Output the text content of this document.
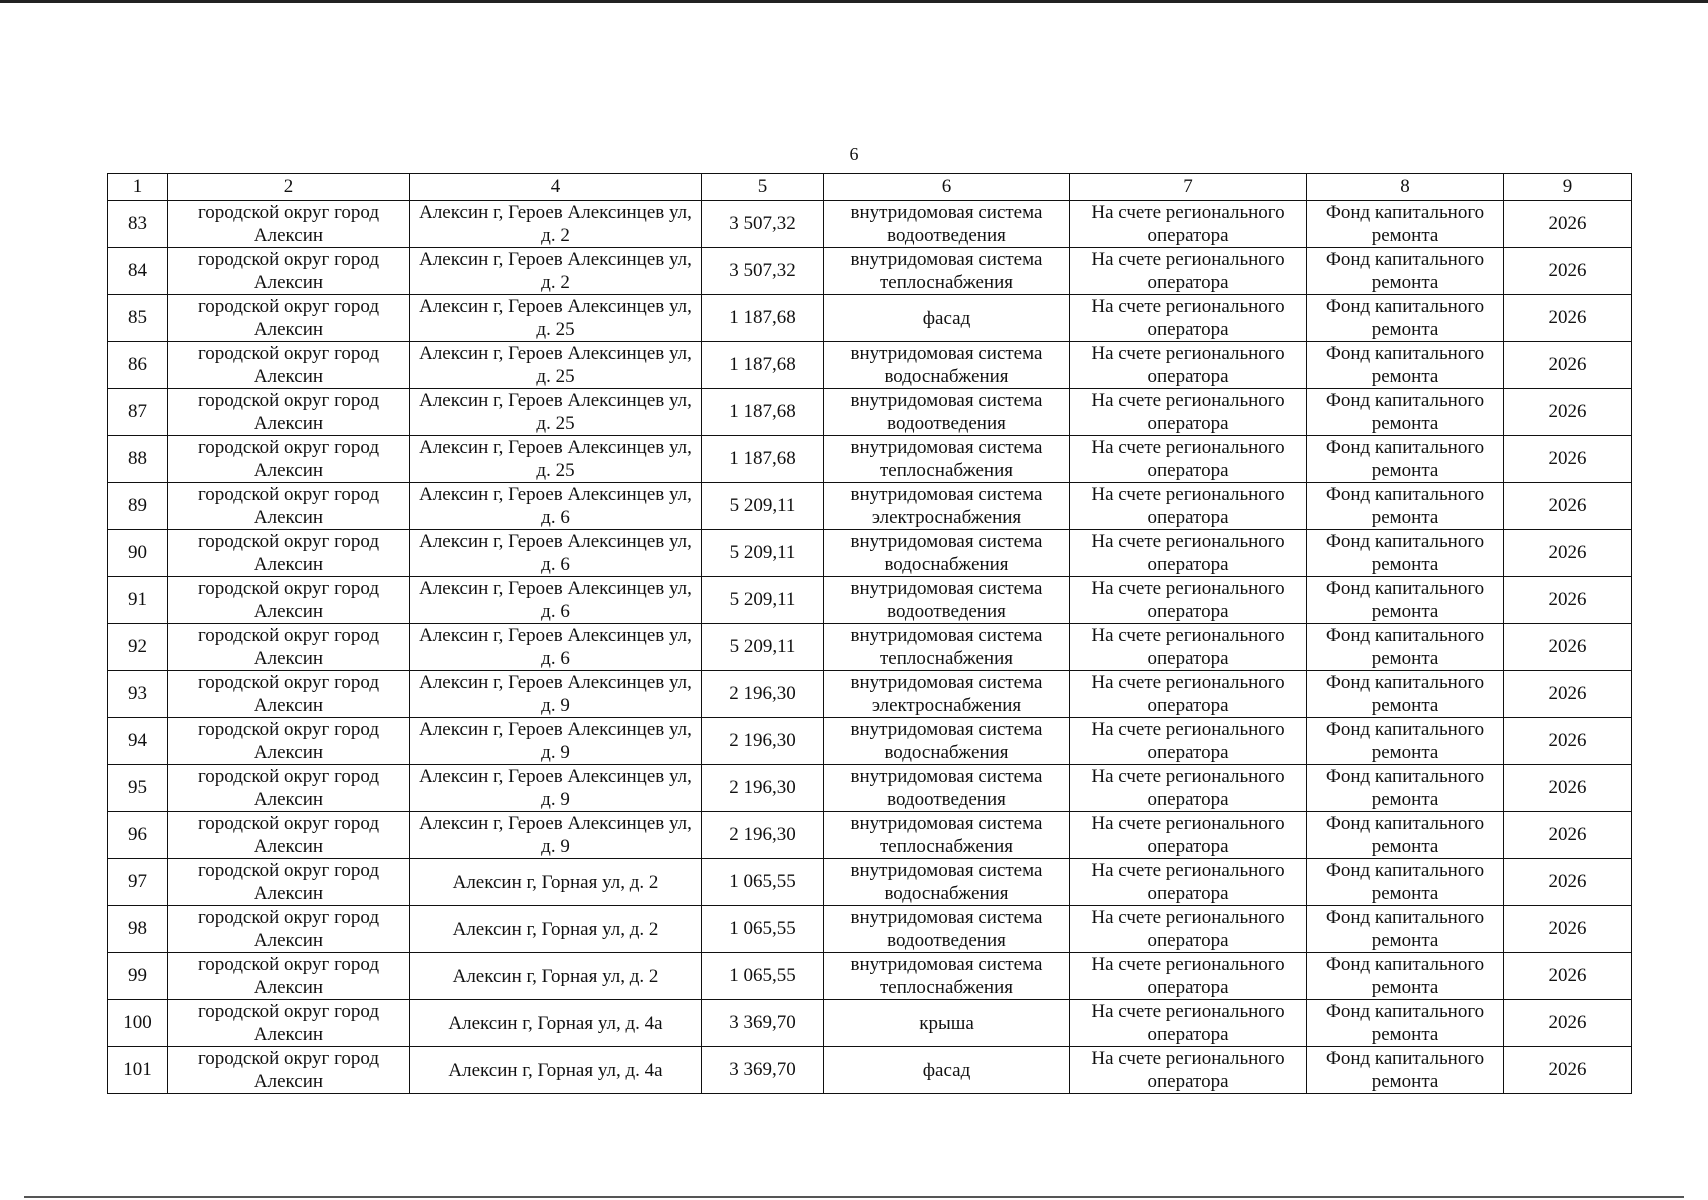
6
1	2	4	5	6	7	8	9
83	городской округ город Алексин	Алексин г, Героев Алексинцев ул, д. 2	3 507,32	внутридомовая система водоотведения	На счете регионального оператора	Фонд капитального ремонта	2026
84	городской округ город Алексин	Алексин г, Героев Алексинцев ул, д. 2	3 507,32	внутридомовая система теплоснабжения	На счете регионального оператора	Фонд капитального ремонта	2026
85	городской округ город Алексин	Алексин г, Героев Алексинцев ул, д. 25	1 187,68	фасад	На счете регионального оператора	Фонд капитального ремонта	2026
86	городской округ город Алексин	Алексин г, Героев Алексинцев ул, д. 25	1 187,68	внутридомовая система водоснабжения	На счете регионального оператора	Фонд капитального ремонта	2026
87	городской округ город Алексин	Алексин г, Героев Алексинцев ул, д. 25	1 187,68	внутридомовая система водоотведения	На счете регионального оператора	Фонд капитального ремонта	2026
88	городской округ город Алексин	Алексин г, Героев Алексинцев ул, д. 25	1 187,68	внутридомовая система теплоснабжения	На счете регионального оператора	Фонд капитального ремонта	2026
89	городской округ город Алексин	Алексин г, Героев Алексинцев ул, д. 6	5 209,11	внутридомовая система электроснабжения	На счете регионального оператора	Фонд капитального ремонта	2026
90	городской округ город Алексин	Алексин г, Героев Алексинцев ул, д. 6	5 209,11	внутридомовая система водоснабжения	На счете регионального оператора	Фонд капитального ремонта	2026
91	городской округ город Алексин	Алексин г, Героев Алексинцев ул, д. 6	5 209,11	внутридомовая система водоотведения	На счете регионального оператора	Фонд капитального ремонта	2026
92	городской округ город Алексин	Алексин г, Героев Алексинцев ул, д. 6	5 209,11	внутридомовая система теплоснабжения	На счете регионального оператора	Фонд капитального ремонта	2026
93	городской округ город Алексин	Алексин г, Героев Алексинцев ул, д. 9	2 196,30	внутридомовая система электроснабжения	На счете регионального оператора	Фонд капитального ремонта	2026
94	городской округ город Алексин	Алексин г, Героев Алексинцев ул, д. 9	2 196,30	внутридомовая система водоснабжения	На счете регионального оператора	Фонд капитального ремонта	2026
95	городской округ город Алексин	Алексин г, Героев Алексинцев ул, д. 9	2 196,30	внутридомовая система водоотведения	На счете регионального оператора	Фонд капитального ремонта	2026
96	городской округ город Алексин	Алексин г, Героев Алексинцев ул, д. 9	2 196,30	внутридомовая система теплоснабжения	На счете регионального оператора	Фонд капитального ремонта	2026
97	городской округ город Алексин	Алексин г, Горная ул, д. 2	1 065,55	внутридомовая система водоснабжения	На счете регионального оператора	Фонд капитального ремонта	2026
98	городской округ город Алексин	Алексин г, Горная ул, д. 2	1 065,55	внутридомовая система водоотведения	На счете регионального оператора	Фонд капитального ремонта	2026
99	городской округ город Алексин	Алексин г, Горная ул, д. 2	1 065,55	внутридомовая система теплоснабжения	На счете регионального оператора	Фонд капитального ремонта	2026
100	городской округ город Алексин	Алексин г, Горная ул, д. 4а	3 369,70	крыша	На счете регионального оператора	Фонд капитального ремонта	2026
101	городской округ город Алексин	Алексин г, Горная ул, д. 4а	3 369,70	фасад	На счете регионального оператора	Фонд капитального ремонта	2026
